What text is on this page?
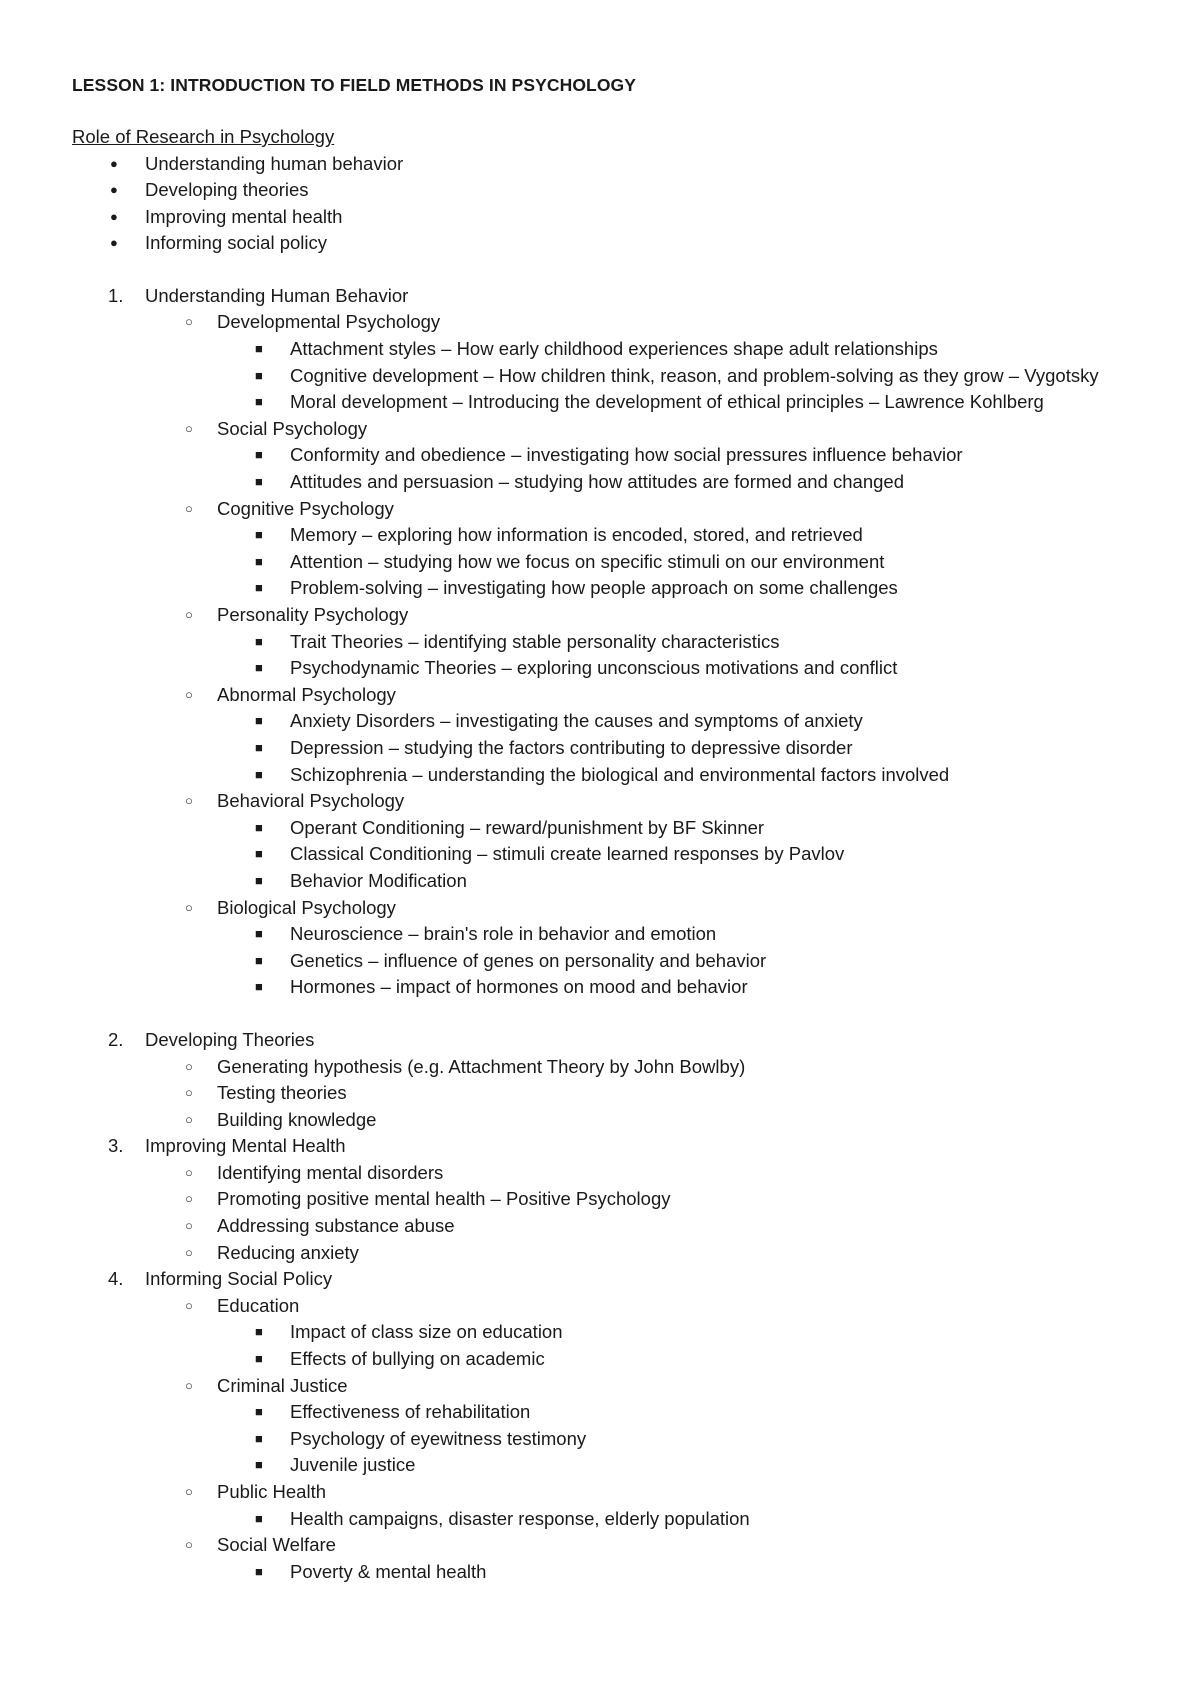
LESSON 1: INTRODUCTION TO FIELD METHODS IN PSYCHOLOGY
Role of Research in Psychology
● Understanding human behavior
● Developing theories
● Improving mental health
● Informing social policy
1. Understanding Human Behavior
○ Developmental Psychology
■ Attachment styles – How early childhood experiences shape adult relationships
■ Cognitive development – How children think, reason, and problem-solving as they grow – Vygotsky
■ Moral development – Introducing the development of ethical principles – Lawrence Kohlberg
○ Social Psychology
■ Conformity and obedience – investigating how social pressures influence behavior
■ Attitudes and persuasion – studying how attitudes are formed and changed
○ Cognitive Psychology
■ Memory – exploring how information is encoded, stored, and retrieved
■ Attention – studying how we focus on specific stimuli on our environment
■ Problem-solving – investigating how people approach on some challenges
○ Personality Psychology
■ Trait Theories – identifying stable personality characteristics
■ Psychodynamic Theories – exploring unconscious motivations and conflict
○ Abnormal Psychology
■ Anxiety Disorders – investigating the causes and symptoms of anxiety
■ Depression – studying the factors contributing to depressive disorder
■ Schizophrenia – understanding the biological and environmental factors involved
○ Behavioral Psychology
■ Operant Conditioning – reward/punishment by BF Skinner
■ Classical Conditioning – stimuli create learned responses by Pavlov
■ Behavior Modification
○ Biological Psychology
■ Neuroscience – brain's role in behavior and emotion
■ Genetics – influence of genes on personality and behavior
■ Hormones – impact of hormones on mood and behavior
2. Developing Theories
○ Generating hypothesis (e.g. Attachment Theory by John Bowlby)
○ Testing theories
○ Building knowledge
3. Improving Mental Health
○ Identifying mental disorders
○ Promoting positive mental health – Positive Psychology
○ Addressing substance abuse
○ Reducing anxiety
4. Informing Social Policy
○ Education
■ Impact of class size on education
■ Effects of bullying on academic
○ Criminal Justice
■ Effectiveness of rehabilitation
■ Psychology of eyewitness testimony
■ Juvenile justice
○ Public Health
■ Health campaigns, disaster response, elderly population
○ Social Welfare
■ Poverty & mental health
